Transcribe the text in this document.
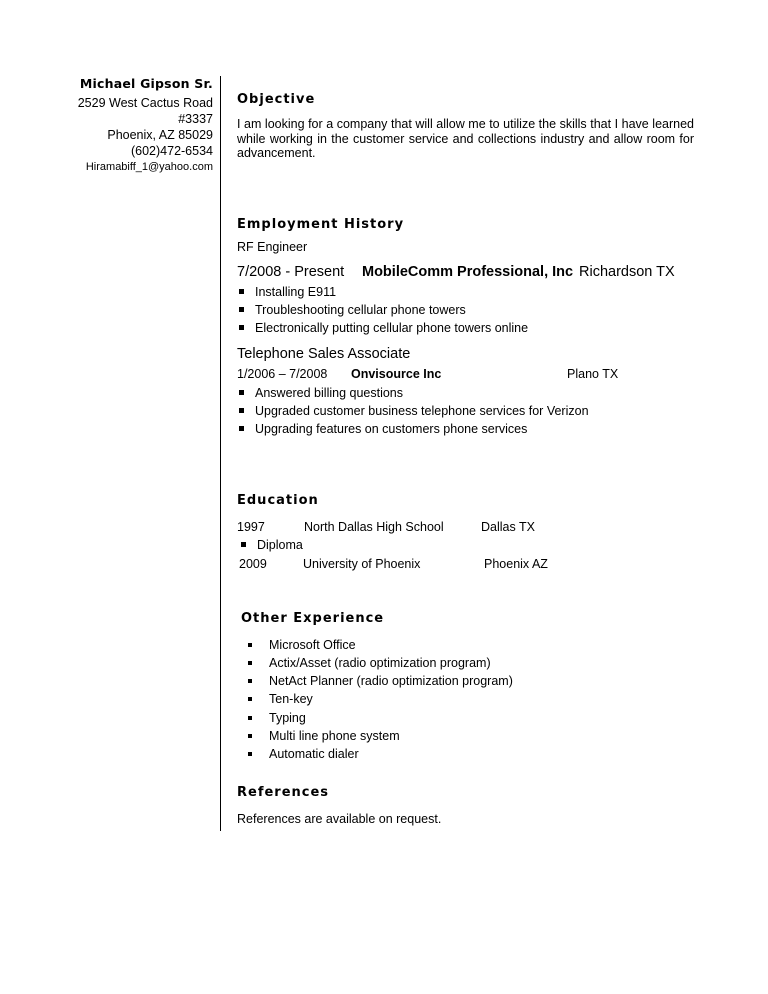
Michael Gipson Sr.
2529 West Cactus Road
#3337
Phoenix, AZ 85029
(602)472-6534
Hiramabiff_1@yahoo.com
Objective
I am looking for a company that will allow me to utilize the skills that I have learned while working in the customer service and collections industry and allow room for advancement.
Employment History
RF Engineer
7/2008 - Present MobileComm Professional, Inc Richardson TX
Installing E911
Troubleshooting cellular phone towers
Electronically putting cellular phone towers online
Telephone Sales Associate
1/2006 – 7/2008 Onvisource Inc	Plano TX
Answered billing questions
Upgraded customer business telephone services for Verizon
Upgrading features on customers phone services
Education
1997	North Dallas High School	Dallas TX
Diploma
2009	University of Phoenix	Phoenix AZ
Other Experience
Microsoft Office
Actix/Asset (radio optimization program)
NetAct Planner (radio optimization program)
Ten-key
Typing
Multi line phone system
Automatic dialer
References
References are available on request.
